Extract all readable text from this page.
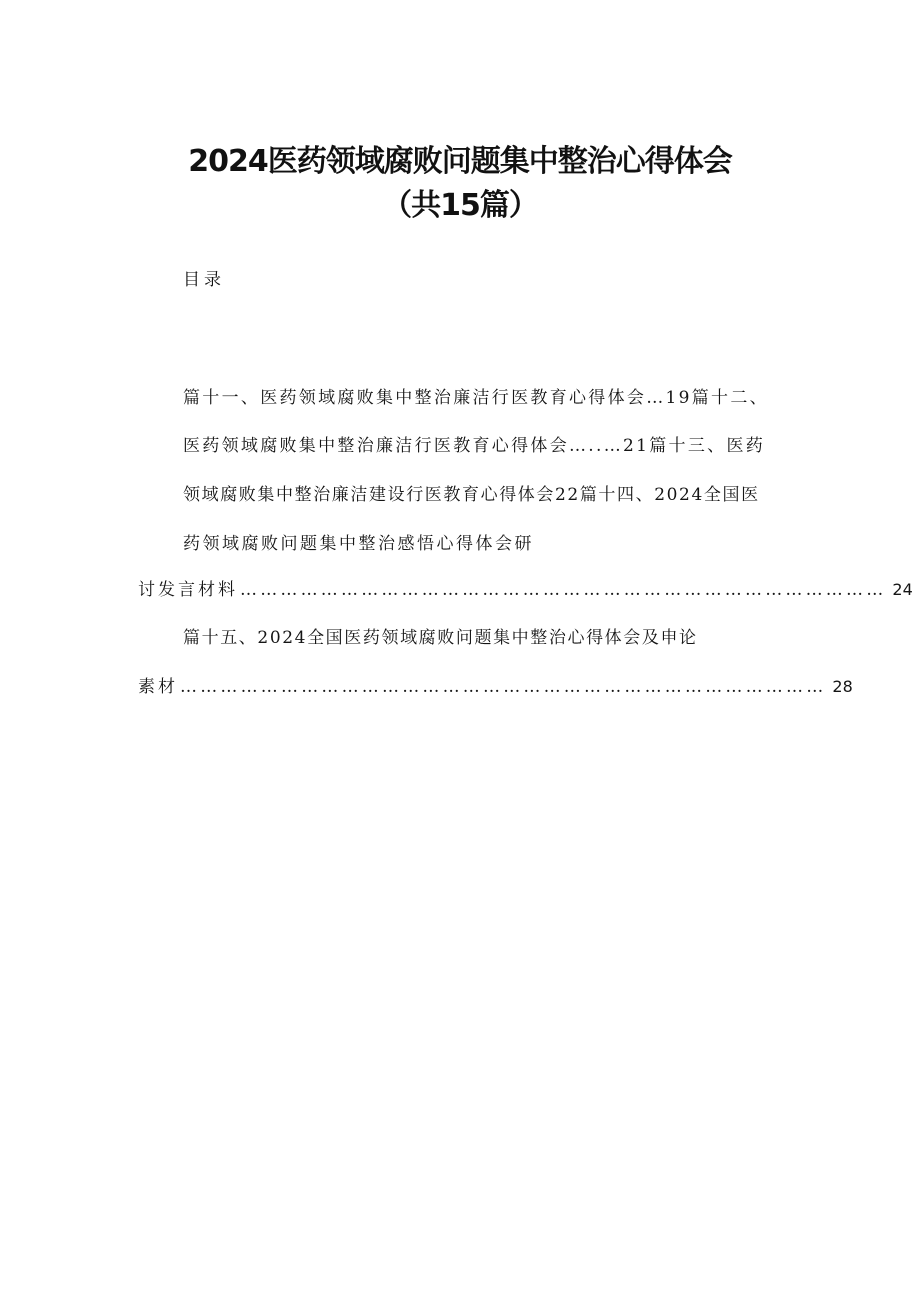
2024医药领域腐败问题集中整治心得体会
（共15篇）
目录
篇十一、医药领域腐败集中整治廉洁行医教育心得体会…19篇十二、
医药领域腐败集中整治廉洁行医教育心得体会…..…21篇十三、医药
领域腐败集中整治廉洁建设行医教育心得体会22篇十四、2024全国医
药领域腐败问题集中整治感悟心得体会研
讨发言材料 …………………………………………………………………………………… 24
篇十五、2024全国医药领域腐败问题集中整治心得体会及申论
素材 …………………………………………………………………………………… 28
